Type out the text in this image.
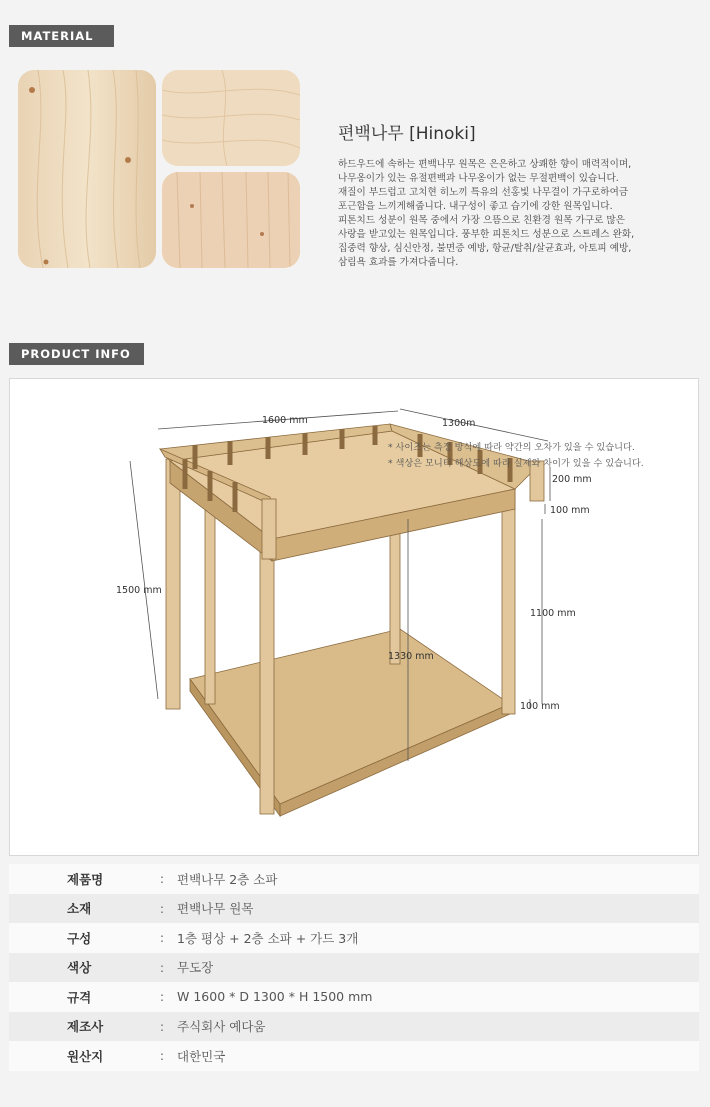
MATERIAL
편백나무 [Hinoki]

하드우드에 속하는 편백나무 원목은 은은하고 상쾌한 향이 매력적이며,

나무옹이가 있는 유절편백과 나무옹이가 없는 무절편백이 있습니다.

재질이 부드럽고 고치현 히노끼 특유의 선홍빛 나무결이 가구로하여금

포근함을 느끼게해줍니다. 내구성이 좋고 습기에 강한 원목입니다.

피톤치드 성분이 원목 중에서 가장 으뜸으로 친환경 원목 가구로 많은

사랑을 받고있는 원목입니다. 풍부한 피톤치드 성분으로 스트레스 완화,

집중력 향상, 심신안정, 불면증 예방, 항균/탈취/살균효과, 아토피 예방,

삼림욕 효과를 가져다줍니다.

PRODUCT INFO
1600 mm	1300m
1500 mm
200 mm
100 mm
1100 mm
1330 mm
100 mm

* 사이즈는 측정 방식에 따라 약간의 오차가 있을 수 있습니다.

* 색상은 모니터 해상도에 따라 실제와 차이가 있을 수 있습니다.

제품명	:	편백나무 2층 소파
소재	:	편백나무 원목
구성	:	1층 평상 + 2층 소파 + 가드 3개
색상	:	무도장
규격	:	W 1600 * D 1300 * H 1500 mm
제조사	:	주식회사 예다움
원산지	:	대한민국
